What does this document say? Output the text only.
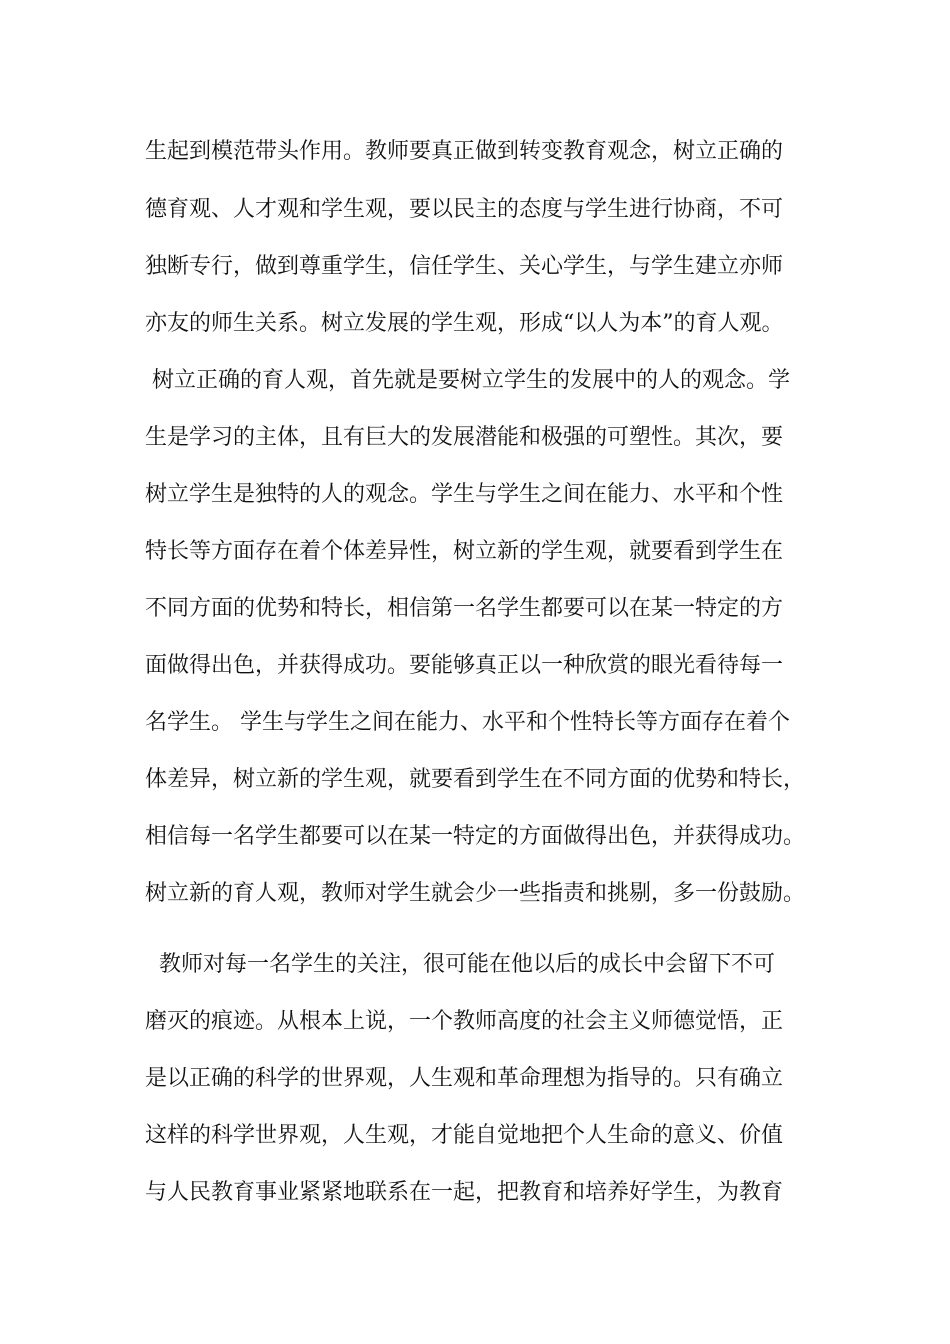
生起到模范带头作用。教师要真正做到转变教育观念，树立正确的
德育观、人才观和学生观，要以民主的态度与学生进行协商，不可
独断专行，做到尊重学生，信任学生、关心学生，与学生建立亦师
亦友的师生关系。树立发展的学生观，形成“以人为本”的育人观。
树立正确的育人观，首先就是要树立学生的发展中的人的观念。学
生是学习的主体，且有巨大的发展潜能和极强的可塑性。其次，要
树立学生是独特的人的观念。学生与学生之间在能力、水平和个性
特长等方面存在着个体差异性，树立新的学生观，就要看到学生在
不同方面的优势和特长，相信第一名学生都要可以在某一特定的方
面做得出色，并获得成功。要能够真正以一种欣赏的眼光看待每一
名学生。 学生与学生之间在能力、水平和个性特长等方面存在着个
体差异，树立新的学生观，就要看到学生在不同方面的优势和特长，
相信每一名学生都要可以在某一特定的方面做得出色，并获得成功。
树立新的育人观，教师对学生就会少一些指责和挑剔，多一份鼓励。
教师对每一名学生的关注，很可能在他以后的成长中会留下不可
磨灭的痕迹。从根本上说，一个教师高度的社会主义师德觉悟，正
是以正确的科学的世界观，人生观和革命理想为指导的。只有确立
这样的科学世界观，人生观，才能自觉地把个人生命的意义、价值
与人民教育事业紧紧地联系在一起，把教育和培养好学生，为教育
